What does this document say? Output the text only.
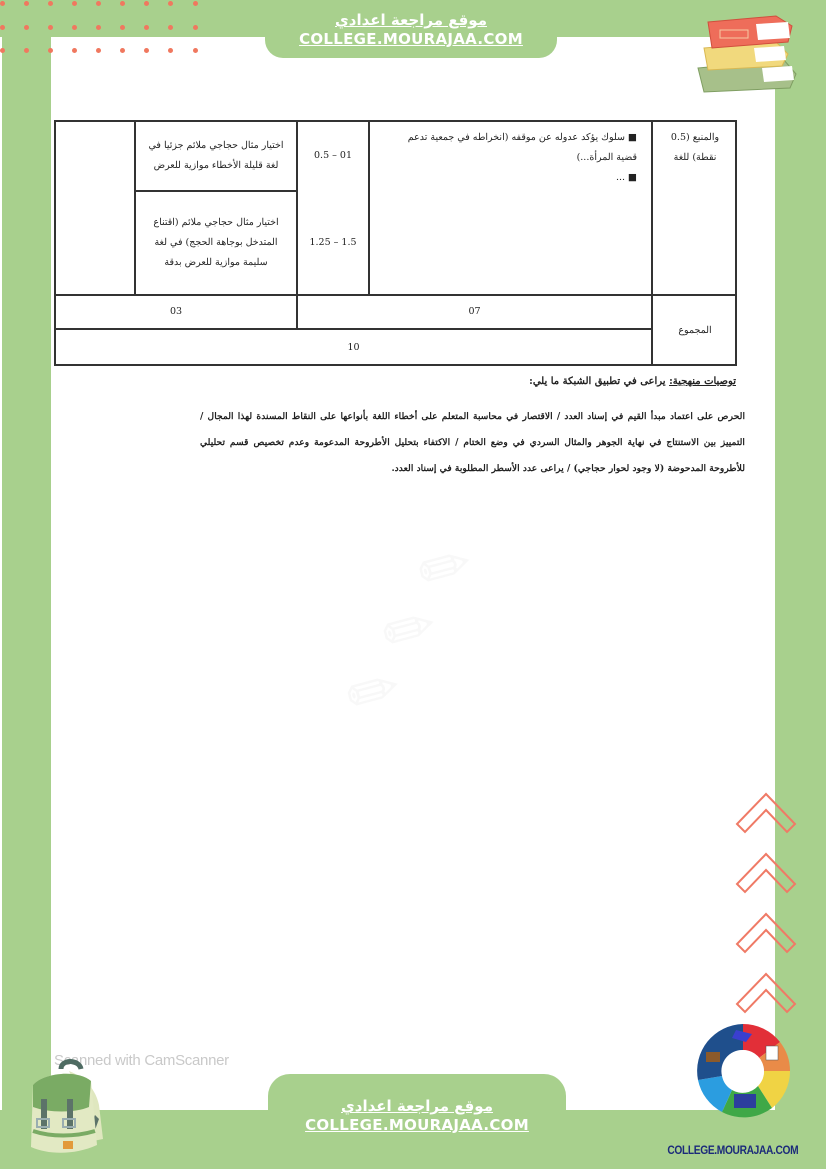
موقع مراجعة اعدادي
COLLEGE.MOURAJAA.COM
والمنبع (0.5 نقطة) للغة
■ سلوك يؤكد عدوله عن موقفه (انخراطه في جمعية تدعم قضية المرأة...)
■ ...
01 – 0.5
1.5 – 1.25
اختيار مثال حجاجي ملائم جزئيا في لغة قليلة الأخطاء موازية للعرض
اختيار مثال حجاجي ملائم (اقتناع المتدخل بوجاهة الحجج) في لغة سليمة موازية للعرض بدقة
المجموع
07
03
10
توصيات منهجية: يراعى في تطبيق الشبكة ما يلي:
الحرص على اعتماد مبدأ القيم في إسناد العدد / الاقتصار في محاسبة المتعلم على أخطاء اللغة بأنواعها على النقاط المسندة لهذا المجال / التمييز بين الاستنتاج في نهاية الجوهر والمثال السردي في وضع الختام / الاكتفاء بتحليل الأطروحة المدعومة وعدم تخصيص قسم تحليلي للأطروحة المدحوضة (لا وجود لحوار حجاجي) / يراعى عدد الأسطر المطلوبة في إسناد العدد.
✎ ✎ ✎
Scanned with CamScanner
موقع مراجعة اعدادي
COLLEGE.MOURAJAA.COM
COLLEGE.MOURAJAA.COM
